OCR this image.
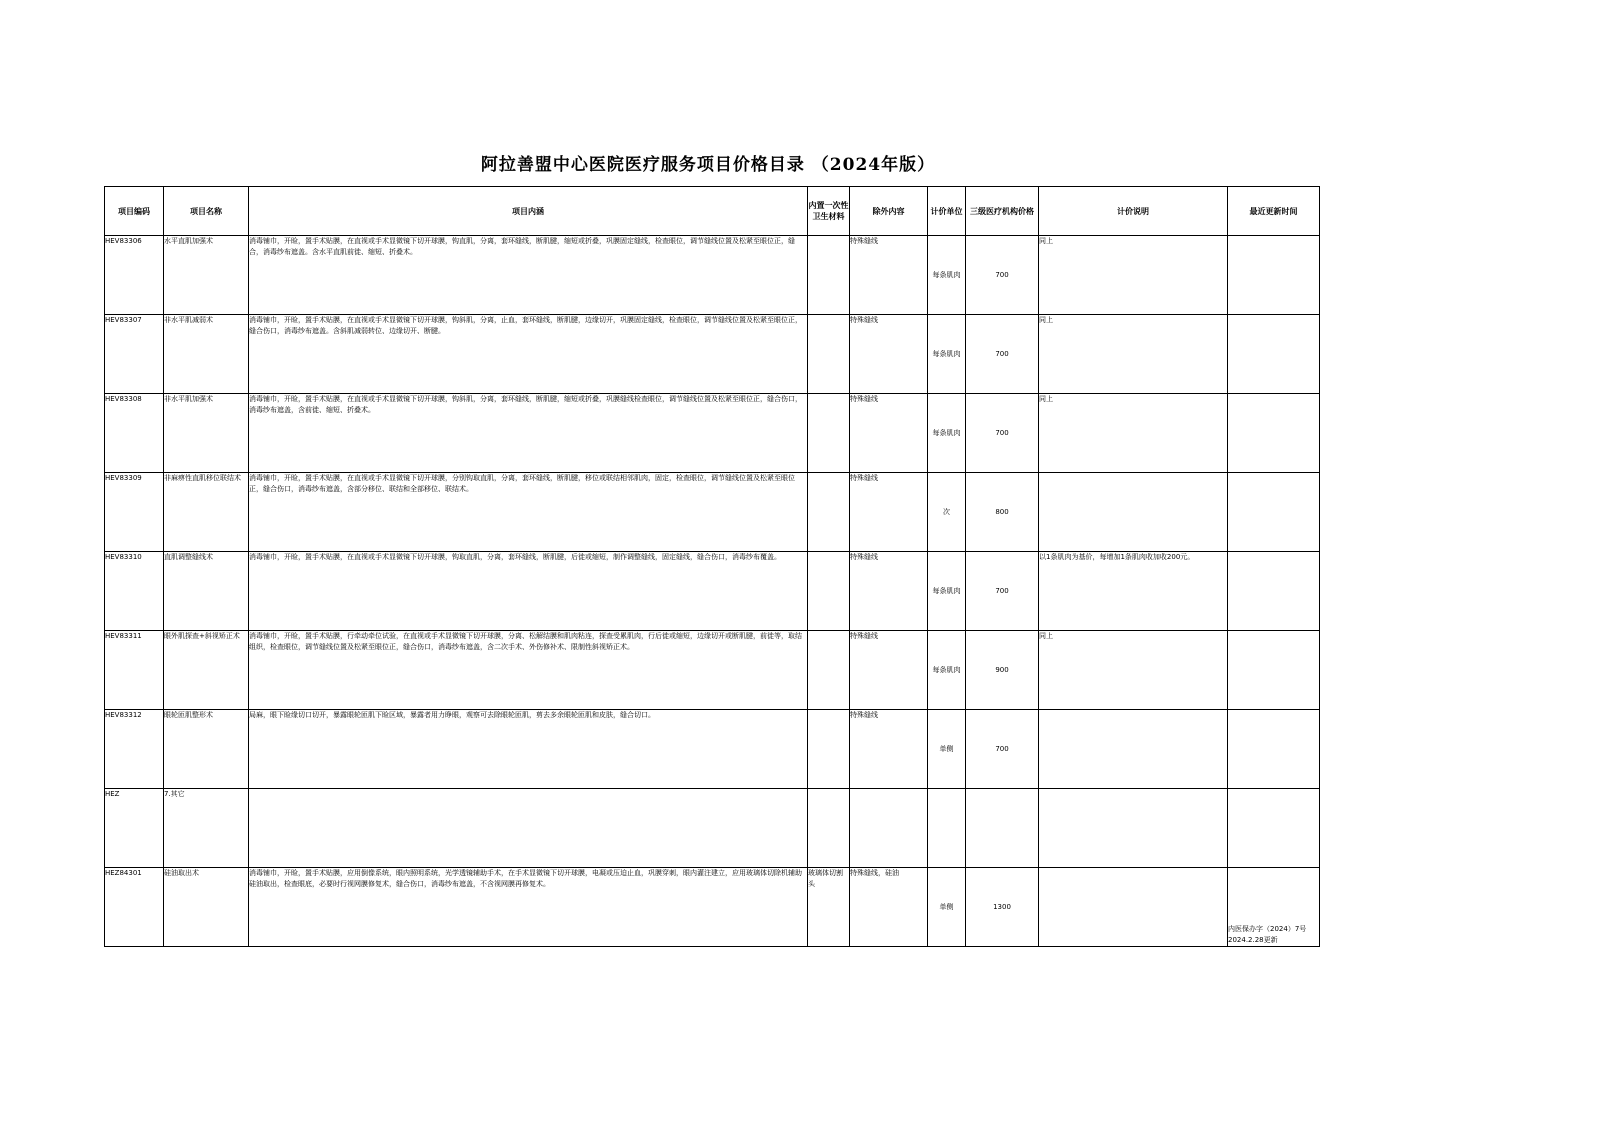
阿拉善盟中心医院医疗服务项目价格目录 （2024年版）
项目编码	项目名称	项目内涵	内置一次性卫生材料	除外内容	计价单位	三级医疗机构价格	计价说明	最近更新时间
HEV83306	水平直肌加强术	消毒铺巾，开睑，置手术贴膜，在直视或手术显微镜下切开球膜，钩直肌，分离，套环缝线，断肌腱，缩短或折叠，巩膜固定缝线，检查眼位，调节缝线位置及松紧至眼位正，缝合，消毒纱布遮盖。含水平直肌前徙、缩短、折叠术。		特殊缝线	每条肌肉	700	同上	
HEV83307	非水平肌减弱术	消毒铺巾，开睑，置手术贴膜，在直视或手术显微镜下切开球膜，钩斜肌，分离，止血，套环缝线，断肌腱，边缘切开，巩膜固定缝线，检查眼位，调节缝线位置及松紧至眼位正，缝合伤口，消毒纱布遮盖。含斜肌减弱转位、边缘切开、断腱。		特殊缝线	每条肌肉	700	同上	
HEV83308	非水平肌加强术	消毒铺巾，开睑，置手术贴膜，在直视或手术显微镜下切开球膜，钩斜肌，分离，套环缝线，断肌腱，缩短或折叠，巩膜缝线检查眼位，调节缝线位置及松紧至眼位正，缝合伤口，消毒纱布遮盖，含前徙、缩短、折叠术。		特殊缝线	每条肌肉	700	同上	
HEV83309	非麻痹性直肌移位联结术	消毒铺巾，开睑，置手术贴膜，在直视或手术显微镜下切开球膜，分别钩取直肌，分离，套环缝线，断肌腱，移位或联结相邻肌肉，固定，检查眼位，调节缝线位置及松紧至眼位正，缝合伤口，消毒纱布遮盖，含部分移位、联结和全部移位、联结术。		特殊缝线	次	800		
HEV83310	直肌调整缝线术	消毒铺巾，开睑，置手术贴膜，在直视或手术显微镜下切开球膜，钩取直肌，分离，套环缝线，断肌腱，后徙或缩短，制作调整缝线，固定缝线，缝合伤口，消毒纱布覆盖。		特殊缝线	每条肌肉	700	以1条肌肉为基价，每增加1条肌肉收加收200元。	
HEV83311	眼外肌探查+斜视矫正术	消毒铺巾，开睑，置手术贴膜，行牵动牵位试验，在直视或手术显微镜下切开球膜，分离、松解结膜和肌肉粘连，探查受累肌肉，行后徙或缩短，边缘切开或断肌腱，前徙等，取结组织，检查眼位，调节缝线位置及松紧至眼位正，缝合伤口，消毒纱布遮盖，含二次手术、外伤修补术、限制性斜视矫正术。		特殊缝线	每条肌肉	900	同上	
HEV83312	眼轮匝肌整形术	局麻，眼下睑缘切口切开，暴露眼轮匝肌下睑区域，暴露者用力睁眼，观察可去除眼轮匝肌，剪去多余眼轮匝肌和皮肤，缝合切口。		特殊缝线	单侧	700		
HEZ	7.其它							
HEZ84301	硅油取出术	消毒铺巾，开睑，置手术贴膜，应用倒像系统，眼内照明系统，光学透镜辅助手术，在手术显微镜下切开球膜，电凝或压迫止血，巩膜穿刺，眼内灌注建立，应用玻璃体切除机辅助硅油取出，检查眼底，必要时行视网膜修复术，缝合伤口，消毒纱布遮盖，不含视网膜再修复术。	玻璃体切割头	特殊缝线，硅油	单侧	1300		内医保办字（2024）7号 2024.2.28更新
